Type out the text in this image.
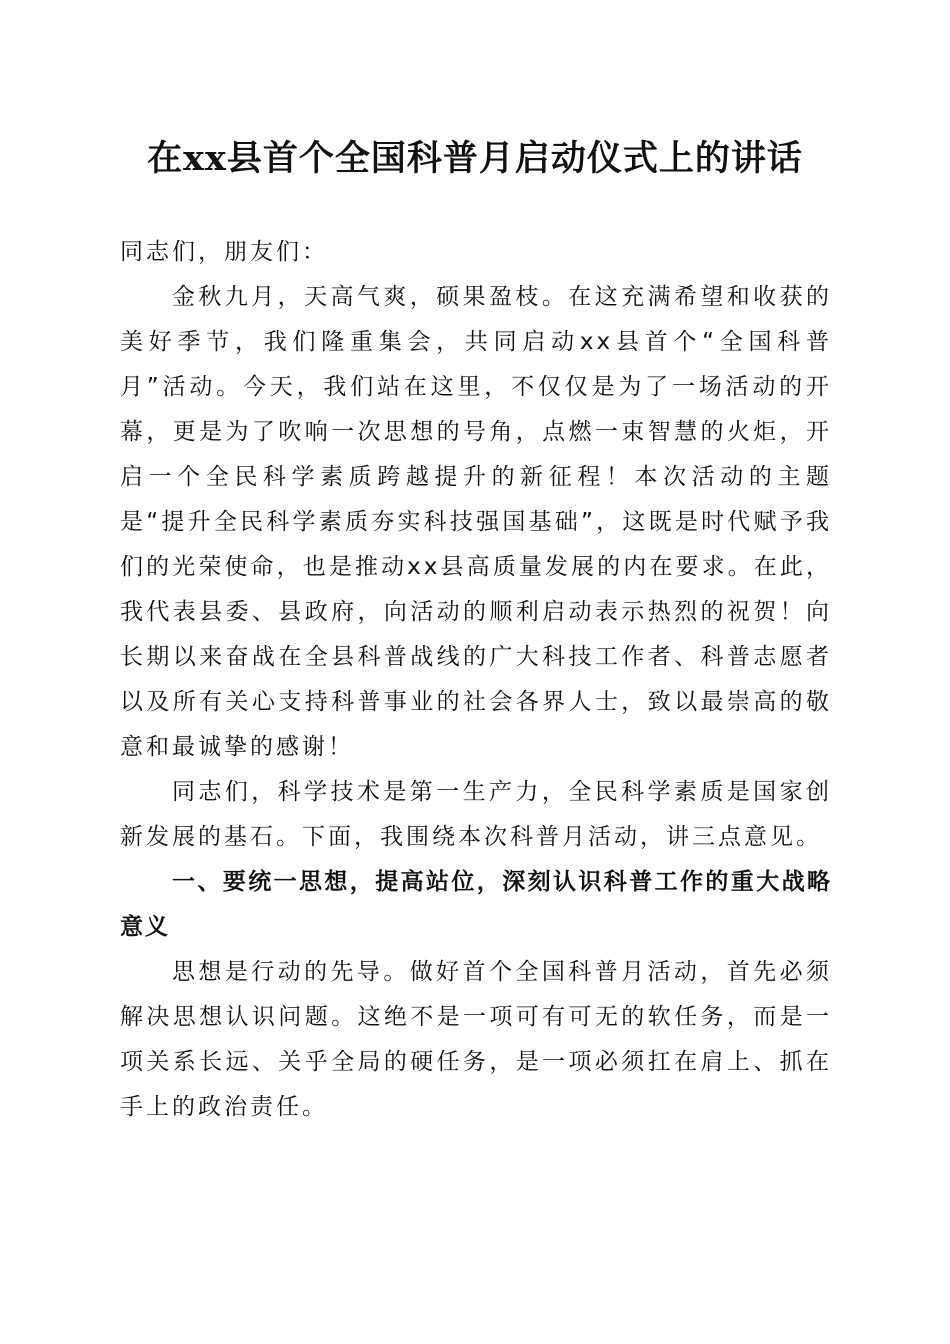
在xx县首个全国科普月启动仪式上的讲话

同志们，朋友们：

金秋九月，天高气爽，硕果盈枝。在这充满希望和收获的美好季节，我们隆重集会，共同启动xx县首个“全国科普月”活动。今天，我们站在这里，不仅仅是为了一场活动的开幕，更是为了吹响一次思想的号角，点燃一束智慧的火炬，开启一个全民科学素质跨越提升的新征程！本次活动的主题是“提升全民科学素质夯实科技强国基础”，这既是时代赋予我们的光荣使命，也是推动xx县高质量发展的内在要求。在此，我代表县委、县政府，向活动的顺利启动表示热烈的祝贺！向长期以来奋战在全县科普战线的广大科技工作者、科普志愿者以及所有关心支持科普事业的社会各界人士，致以最崇高的敬意和最诚挚的感谢！

同志们，科学技术是第一生产力，全民科学素质是国家创新发展的基石。下面，我围绕本次科普月活动，讲三点意见。

一、要统一思想，提高站位，深刻认识科普工作的重大战略意义

思想是行动的先导。做好首个全国科普月活动，首先必须解决思想认识问题。这绝不是一项可有可无的软任务，而是一项关系长远、关乎全局的硬任务，是一项必须扛在肩上、抓在手上的政治责任。
